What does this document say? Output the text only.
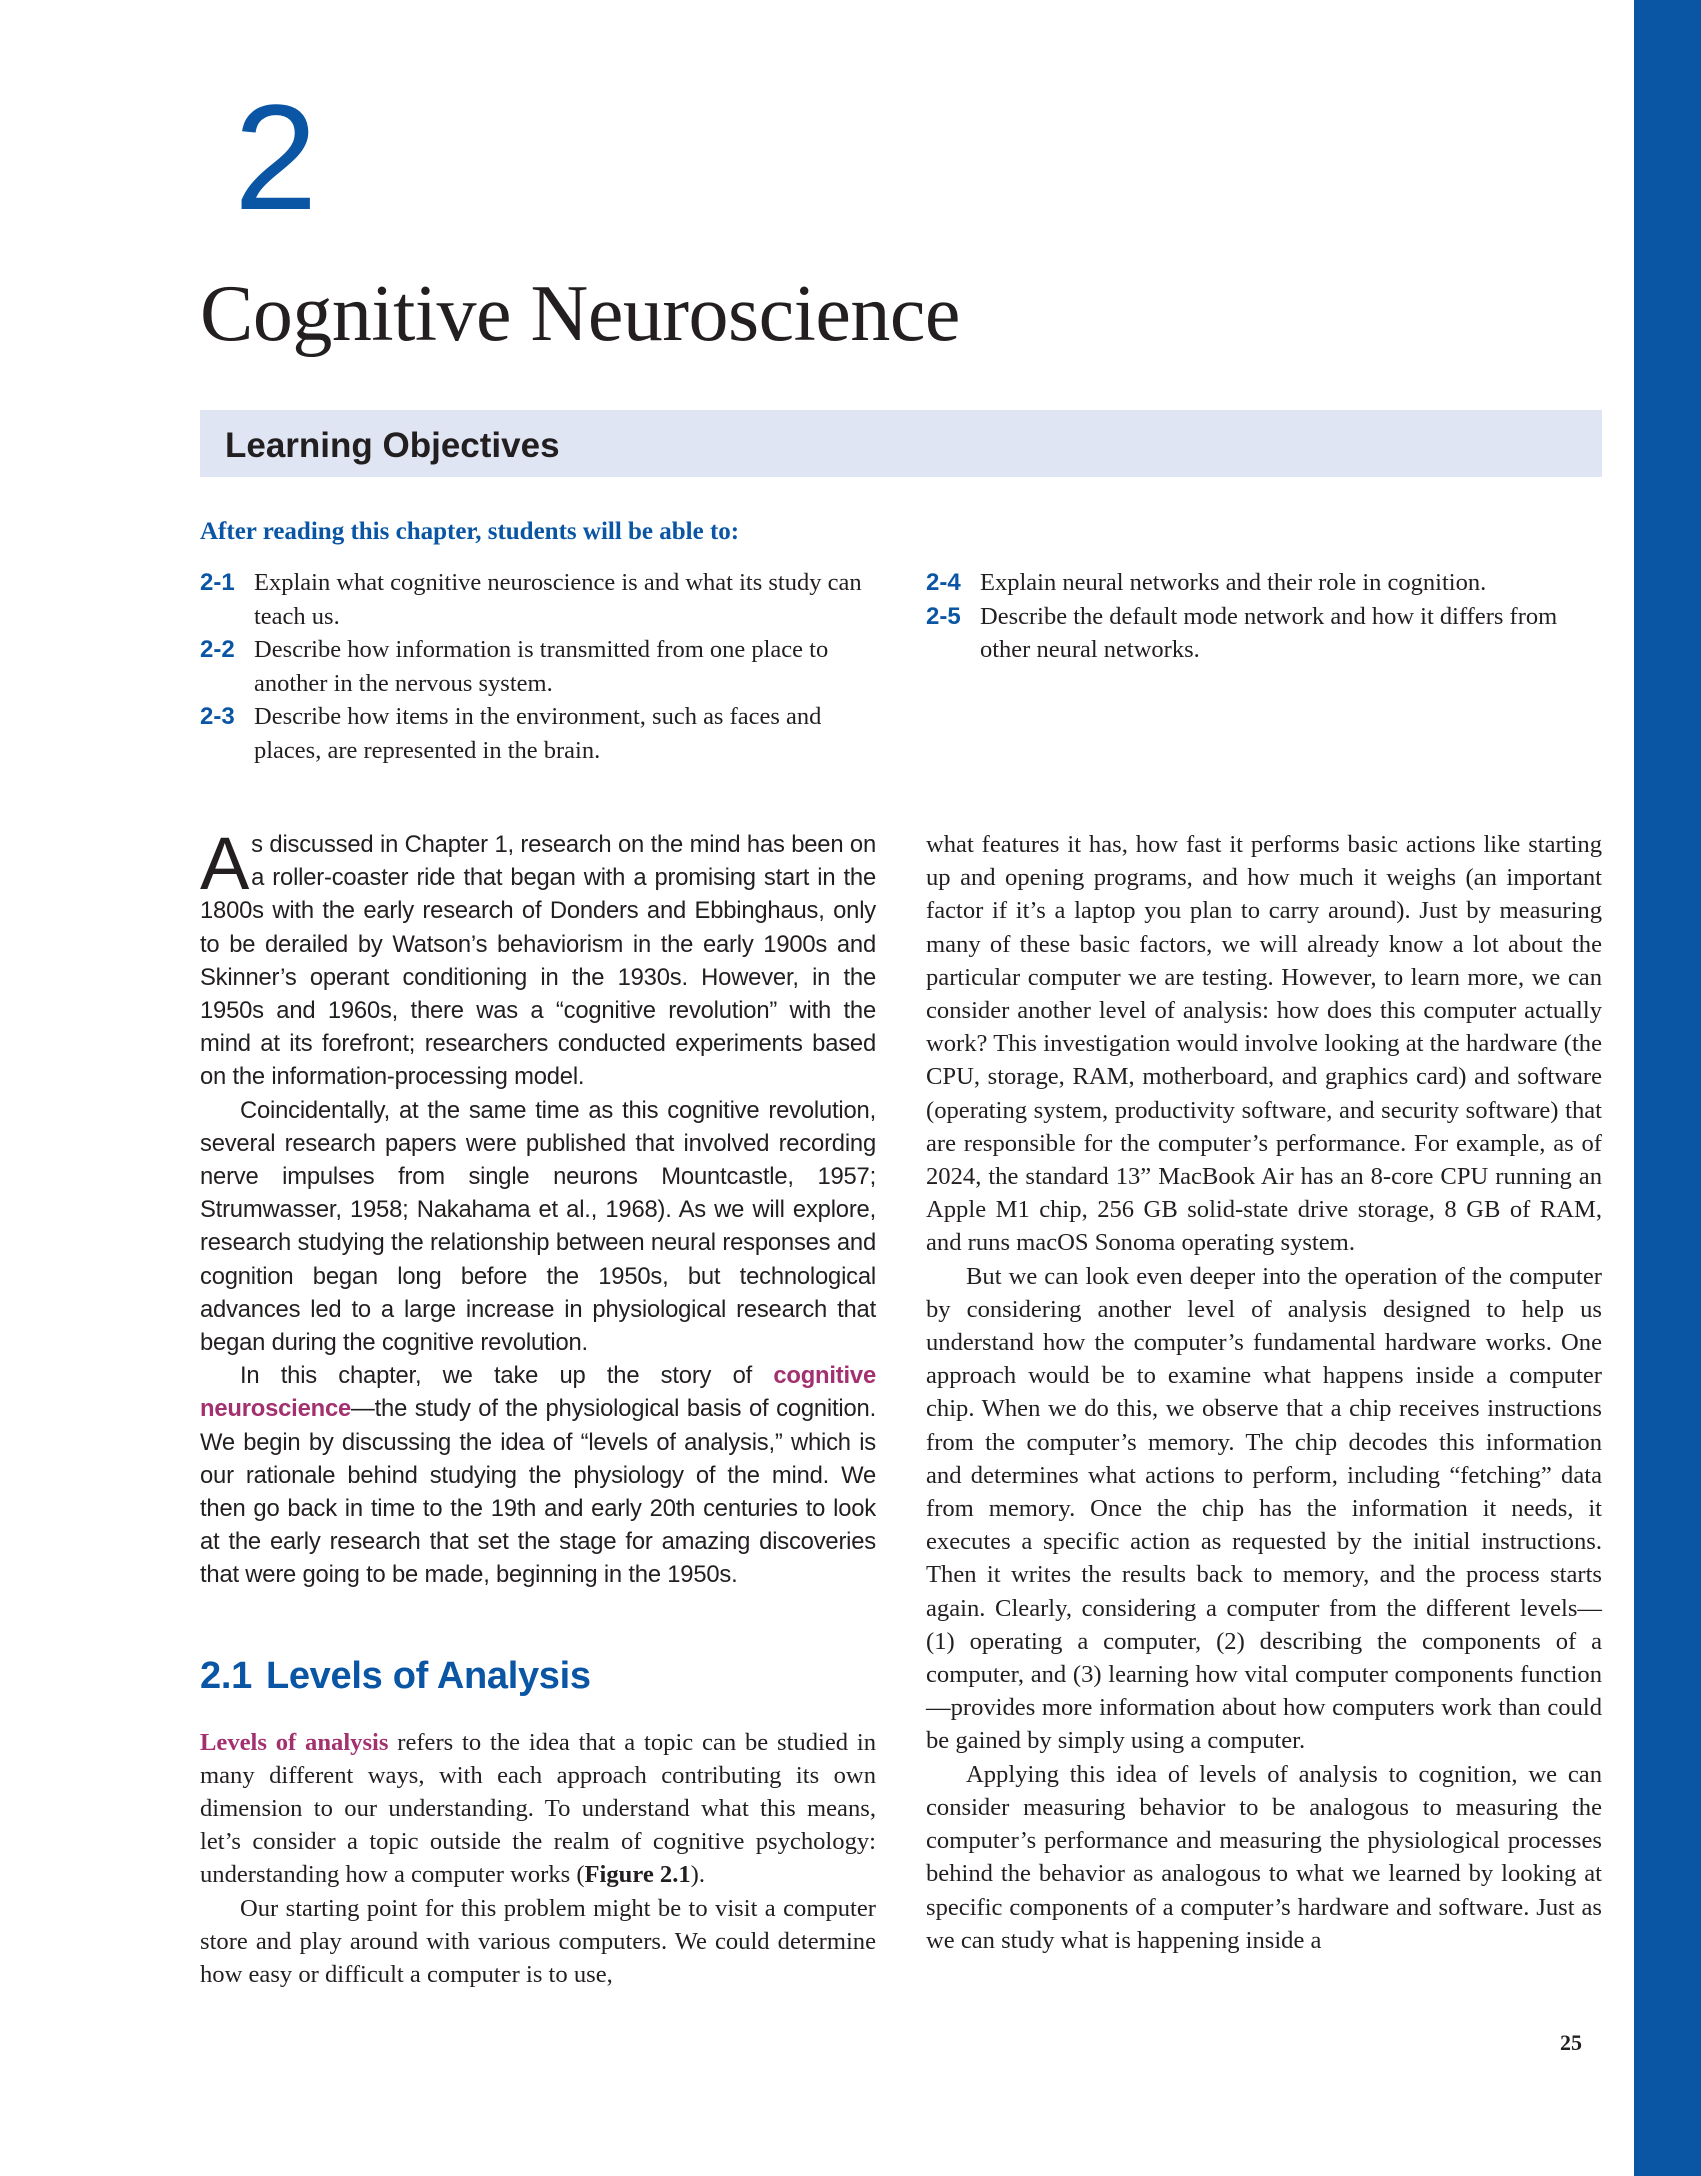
2
Cognitive Neuroscience
Learning Objectives

After reading this chapter, students will be able to:

2-1 Explain what cognitive neuroscience is and what its study can teach us.
2-2 Describe how information is transmitted from one place to another in the nervous system.
2-3 Describe how items in the environment, such as faces and places, are represented in the brain.
2-4 Explain neural networks and their role in cognition.
2-5 Describe the default mode network and how it differs from other neural networks.

As discussed in Chapter 1, research on the mind has been on a roller-coaster ride that began with a promising start in the 1800s with the early research of Donders and Ebbinghaus, only to be derailed by Watson’s behaviorism in the early 1900s and Skinner’s operant conditioning in the 1930s. However, in the 1950s and 1960s, there was a “cognitive revolution” with the mind at its forefront; researchers conducted experiments based on the information-processing model.

Coincidentally, at the same time as this cognitive revolution, several research papers were published that involved recording nerve impulses from single neurons Mountcastle, 1957; Strumwasser, 1958; Nakahama et al., 1968). As we will explore, research studying the relationship between neural responses and cognition began long before the 1950s, but technological advances led to a large increase in physiological research that began during the cognitive revolution.

In this chapter, we take up the story of cognitive neuroscience—the study of the physiological basis of cognition. We begin by discussing the idea of “levels of analysis,” which is our rationale behind studying the physiology of the mind. We then go back in time to the 19th and early 20th centuries to look at the early research that set the stage for amazing discoveries that were going to be made, beginning in the 1950s.

2.1 Levels of Analysis

Levels of analysis refers to the idea that a topic can be studied in many different ways, with each approach contributing its own dimension to our understanding. To understand what this means, let’s consider a topic outside the realm of cognitive psychology: understanding how a computer works (Figure 2.1).

Our starting point for this problem might be to visit a computer store and play around with various computers. We could determine how easy or difficult a computer is to use,

what features it has, how fast it performs basic actions like starting up and opening programs, and how much it weighs (an important factor if it’s a laptop you plan to carry around). Just by measuring many of these basic factors, we will already know a lot about the particular computer we are testing. However, to learn more, we can consider another level of analysis: how does this computer actually work? This investigation would involve looking at the hardware (the CPU, storage, RAM, motherboard, and graphics card) and software (operating system, productivity software, and security software) that are responsible for the computer’s performance. For example, as of 2024, the standard 13” MacBook Air has an 8-core CPU running an Apple M1 chip, 256 GB solid-state drive storage, 8 GB of RAM, and runs macOS Sonoma operating system.

But we can look even deeper into the operation of the computer by considering another level of analysis designed to help us understand how the computer’s fundamental hardware works. One approach would be to examine what happens inside a computer chip. When we do this, we observe that a chip receives instructions from the computer’s memory. The chip decodes this information and determines what actions to perform, including “fetching” data from memory. Once the chip has the information it needs, it executes a specific action as requested by the initial instructions. Then it writes the results back to memory, and the process starts again. Clearly, considering a computer from the different levels— (1) operating a computer, (2) describing the components of a computer, and (3) learning how vital computer components function—provides more information about how computers work than could be gained by simply using a computer.

Applying this idea of levels of analysis to cognition, we can consider measuring behavior to be analogous to measuring the computer’s performance and measuring the physiological processes behind the behavior as analogous to what we learned by looking at specific components of a computer’s hardware and software. Just as we can study what is happening inside a

25
